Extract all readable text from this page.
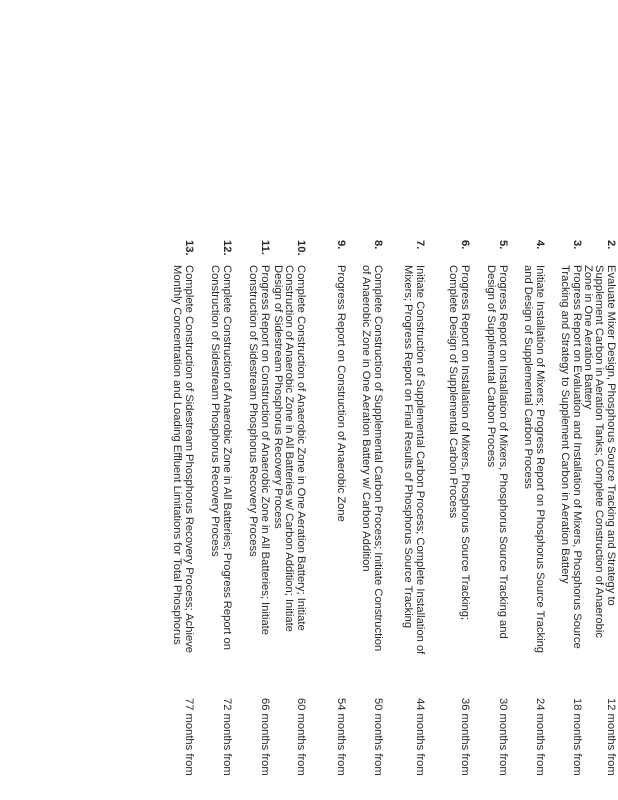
2.
Evaluate Mixer Design, Phosphorus Source Tracking and Strategy to Supplement Carbon in Aeration Tanks; Complete Construction of Anaerobic Zone in One Aeration Battery
12 months from
3.
Progress Report on Evaluation and Installation of Mixers, Phosphorus Source Tracking and Strategy to Supplement Carbon in Aeration Battery
18 months from
4.
Initiate Installation of Mixers; Progress Report on Phosphorus Source Tracking and Design of Supplemental Carbon Process
24 months from
5.
Progress Report on Installation of Mixers, Phosphorus Source Tracking and Design of Supplemental Carbon Process
30 months from
6.
Progress Report on Installation of Mixers, Phosphorus Source Tracking; Complete Design of Supplemental Carbon Process
36 months from
7.
Initiate Construction of Supplemental Carbon Process; Complete Installation of Mixers; Progress Report on Final Results of Phosphorus Source Tracking
44 months from
8.
Complete Construction of Supplemental Carbon Process; Initiate Construction of Anaerobic Zone in One Aeration Battery w/ Carbon Addition
50 months from
9.
Progress Report on Construction of Anaerobic Zone
54 months from
10.
Complete Construction of Anaerobic Zone in One Aeration Battery; Initiate Construction of Anaerobic Zone in All Batteries w/ Carbon Addition; Initiate Design of Sidestream Phosphorus Recovery Process
60 months from
11.
Progress Report on Construction of Anaerobic Zone in All Batteries; Initiate Construction of Sidestream Phosphorus Recovery Process
66 months from
12.
Complete Construction of Anaerobic Zone in All Batteries; Progress Report on Construction of Sidestream Phosphorus Recovery Process
72 months from
13.
Complete Construction of Sidestream Phosphorus Recovery Process; Achieve Monthly Concentration and Loading Effluent Limitations for Total Phosphorus
77 months from
